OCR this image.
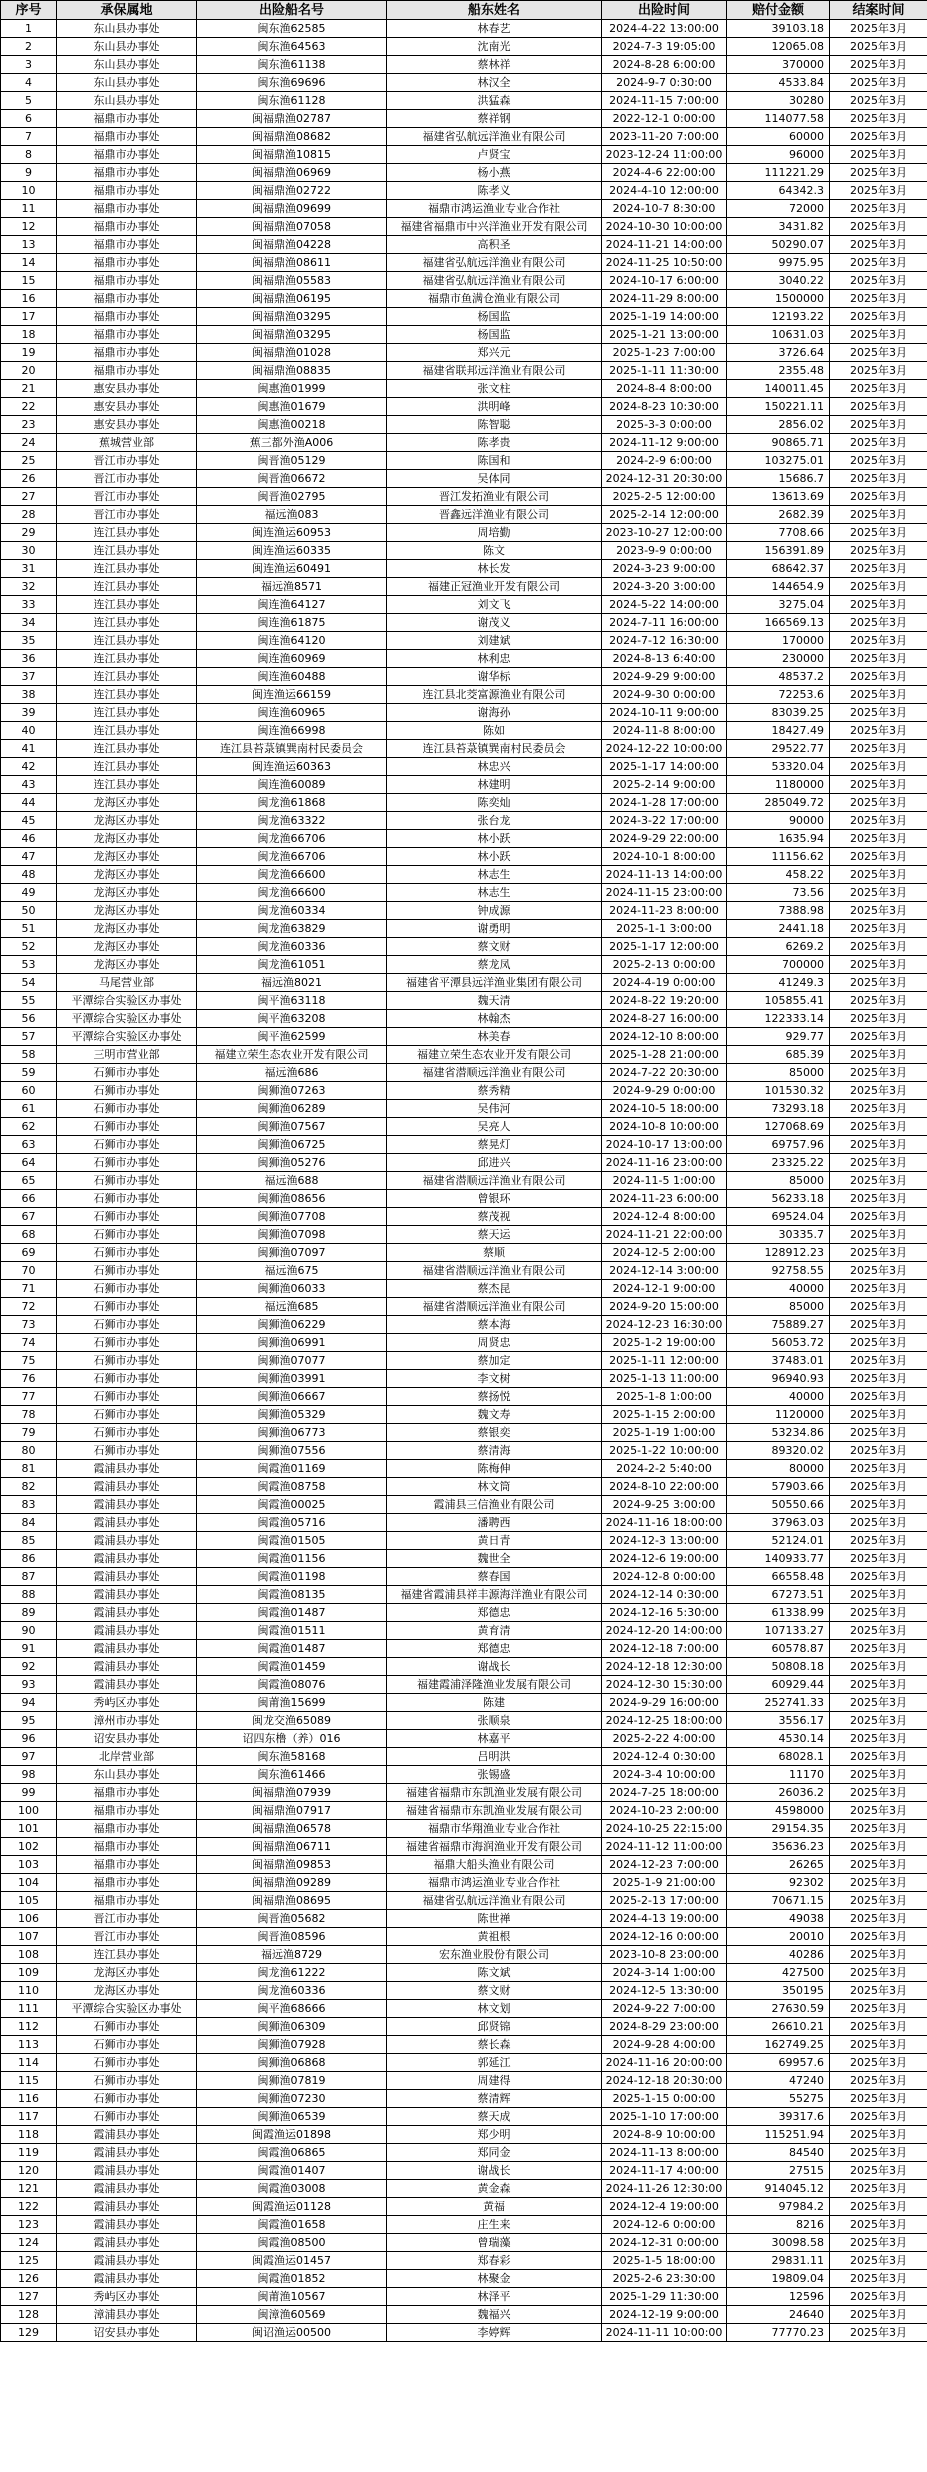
序号	承保属地	出险船名号	船东姓名	出险时间	赔付金额	结案时间
1	东山县办事处	闽东渔62585	林春艺	2024-4-22 13:00:00	39103.18	2025年3月
2	东山县办事处	闽东渔64563	沈南光	2024-7-3 19:05:00	12065.08	2025年3月
3	东山县办事处	闽东渔61138	蔡林祥	2024-8-28 6:00:00	370000	2025年3月
4	东山县办事处	闽东渔69696	林汉全	2024-9-7 0:30:00	4533.84	2025年3月
5	东山县办事处	闽东渔61128	洪猛森	2024-11-15 7:00:00	30280	2025年3月
6	福鼎市办事处	闽福鼎渔02787	蔡祥钢	2022-12-1 0:00:00	114077.58	2025年3月
7	福鼎市办事处	闽福鼎渔08682	福建省弘航远洋渔业有限公司	2023-11-20 7:00:00	60000	2025年3月
8	福鼎市办事处	闽福鼎渔10815	卢贤宝	2023-12-24 11:00:00	96000	2025年3月
9	福鼎市办事处	闽福鼎渔06969	杨小燕	2024-4-6 22:00:00	111221.29	2025年3月
10	福鼎市办事处	闽福鼎渔02722	陈孝义	2024-4-10 12:00:00	64342.3	2025年3月
11	福鼎市办事处	闽福鼎渔09699	福鼎市鸿运渔业专业合作社	2024-10-7 8:30:00	72000	2025年3月
12	福鼎市办事处	闽福鼎渔07058	福建省福鼎市中兴洋渔业开发有限公司	2024-10-30 10:00:00	3431.82	2025年3月
13	福鼎市办事处	闽福鼎渔04228	高积圣	2024-11-21 14:00:00	50290.07	2025年3月
14	福鼎市办事处	闽福鼎渔08611	福建省弘航远洋渔业有限公司	2024-11-25 10:50:00	9975.95	2025年3月
15	福鼎市办事处	闽福鼎渔05583	福建省弘航远洋渔业有限公司	2024-10-17 6:00:00	3040.22	2025年3月
16	福鼎市办事处	闽福鼎渔06195	福鼎市鱼满仓渔业有限公司	2024-11-29 8:00:00	1500000	2025年3月
17	福鼎市办事处	闽福鼎渔03295	杨国监	2025-1-19 14:00:00	12193.22	2025年3月
18	福鼎市办事处	闽福鼎渔03295	杨国监	2025-1-21 13:00:00	10631.03	2025年3月
19	福鼎市办事处	闽福鼎渔01028	郑兴元	2025-1-23 7:00:00	3726.64	2025年3月
20	福鼎市办事处	闽福鼎渔08835	福建省联邦远洋渔业有限公司	2025-1-11 11:30:00	2355.48	2025年3月
21	惠安县办事处	闽惠渔01999	张文柱	2024-8-4 8:00:00	140011.45	2025年3月
22	惠安县办事处	闽惠渔01679	洪明峰	2024-8-23 10:30:00	150221.11	2025年3月
23	惠安县办事处	闽惠渔00218	陈智聪	2025-3-3 0:00:00	2856.02	2025年3月
24	蕉城营业部	蕉三都外渔A006	陈孝贵	2024-11-12 9:00:00	90865.71	2025年3月
25	晋江市办事处	闽晋渔05129	陈国和	2024-2-9 6:00:00	103275.01	2025年3月
26	晋江市办事处	闽晋渔06672	吴体同	2024-12-31 20:30:00	15686.7	2025年3月
27	晋江市办事处	闽晋渔02795	晋江发拓渔业有限公司	2025-2-5 12:00:00	13613.69	2025年3月
28	晋江市办事处	福远渔083	晋鑫远洋渔业有限公司	2025-2-14 12:00:00	2682.39	2025年3月
29	连江县办事处	闽连渔运60953	周培勤	2023-10-27 12:00:00	7708.66	2025年3月
30	连江县办事处	闽连渔运60335	陈文	2023-9-9 0:00:00	156391.89	2025年3月
31	连江县办事处	闽连渔运60491	林长发	2024-3-23 9:00:00	68642.37	2025年3月
32	连江县办事处	福远渔8571	福建正冠渔业开发有限公司	2024-3-20 3:00:00	144654.9	2025年3月
33	连江县办事处	闽连渔64127	刘文飞	2024-5-22 14:00:00	3275.04	2025年3月
34	连江县办事处	闽连渔61875	谢茂义	2024-7-11 16:00:00	166569.13	2025年3月
35	连江县办事处	闽连渔64120	刘建斌	2024-7-12 16:30:00	170000	2025年3月
36	连江县办事处	闽连渔60969	林利忠	2024-8-13 6:40:00	230000	2025年3月
37	连江县办事处	闽连渔60488	谢华标	2024-9-29 9:00:00	48537.2	2025年3月
38	连江县办事处	闽连渔运66159	连江县北茭富源渔业有限公司	2024-9-30 0:00:00	72253.6	2025年3月
39	连江县办事处	闽连渔60965	谢海孙	2024-10-11 9:00:00	83039.25	2025年3月
40	连江县办事处	闽连渔66998	陈如	2024-11-8 8:00:00	18427.49	2025年3月
41	连江县办事处	连江县苔菉镇巽南村民委员会	连江县苔菉镇巽南村民委员会	2024-12-22 10:00:00	29522.77	2025年3月
42	连江县办事处	闽连渔运60363	林忠兴	2025-1-17 14:00:00	53320.04	2025年3月
43	连江县办事处	闽连渔60089	林建明	2025-2-14 9:00:00	1180000	2025年3月
44	龙海区办事处	闽龙渔61868	陈奕灿	2024-1-28 17:00:00	285049.72	2025年3月
45	龙海区办事处	闽龙渔63322	张台龙	2024-3-22 17:00:00	90000	2025年3月
46	龙海区办事处	闽龙渔66706	林小跃	2024-9-29 22:00:00	1635.94	2025年3月
47	龙海区办事处	闽龙渔66706	林小跃	2024-10-1 8:00:00	11156.62	2025年3月
48	龙海区办事处	闽龙渔66600	林志生	2024-11-13 14:00:00	458.22	2025年3月
49	龙海区办事处	闽龙渔66600	林志生	2024-11-15 23:00:00	73.56	2025年3月
50	龙海区办事处	闽龙渔60334	钟成源	2024-11-23 8:00:00	7388.98	2025年3月
51	龙海区办事处	闽龙渔63829	谢勇明	2025-1-1 3:00:00	2441.18	2025年3月
52	龙海区办事处	闽龙渔60336	蔡文财	2025-1-17 12:00:00	6269.2	2025年3月
53	龙海区办事处	闽龙渔61051	蔡龙凤	2025-2-13 0:00:00	700000	2025年3月
54	马尾营业部	福远渔8021	福建省平潭县远洋渔业集团有限公司	2024-4-19 0:00:00	41249.3	2025年3月
55	平潭综合实验区办事处	闽平渔63118	魏天清	2024-8-22 19:20:00	105855.41	2025年3月
56	平潭综合实验区办事处	闽平渔63208	林翰杰	2024-8-27 16:00:00	122333.14	2025年3月
57	平潭综合实验区办事处	闽平渔62599	林美春	2024-12-10 8:00:00	929.77	2025年3月
58	三明市营业部	福建立荣生态农业开发有限公司	福建立荣生态农业开发有限公司	2025-1-28 21:00:00	685.39	2025年3月
59	石狮市办事处	福远渔686	福建省潜顺远洋渔业有限公司	2024-7-22 20:30:00	85000	2025年3月
60	石狮市办事处	闽狮渔07263	蔡秀精	2024-9-29 0:00:00	101530.32	2025年3月
61	石狮市办事处	闽狮渔06289	吴伟河	2024-10-5 18:00:00	73293.18	2025年3月
62	石狮市办事处	闽狮渔07567	吴亮人	2024-10-8 10:00:00	127068.69	2025年3月
63	石狮市办事处	闽狮渔06725	蔡晃灯	2024-10-17 13:00:00	69757.96	2025年3月
64	石狮市办事处	闽狮渔05276	邱进兴	2024-11-16 23:00:00	23325.22	2025年3月
65	石狮市办事处	福远渔688	福建省潜顺远洋渔业有限公司	2024-11-5 1:00:00	85000	2025年3月
66	石狮市办事处	闽狮渔08656	曾银环	2024-11-23 6:00:00	56233.18	2025年3月
67	石狮市办事处	闽狮渔07708	蔡茂视	2024-12-4 8:00:00	69524.04	2025年3月
68	石狮市办事处	闽狮渔07098	蔡天运	2024-11-21 22:00:00	30335.7	2025年3月
69	石狮市办事处	闽狮渔07097	蔡顺	2024-12-5 2:00:00	128912.23	2025年3月
70	石狮市办事处	福远渔675	福建省潜顺远洋渔业有限公司	2024-12-14 3:00:00	92758.55	2025年3月
71	石狮市办事处	闽狮渔06033	蔡杰昆	2024-12-1 9:00:00	40000	2025年3月
72	石狮市办事处	福远渔685	福建省潜顺远洋渔业有限公司	2024-9-20 15:00:00	85000	2025年3月
73	石狮市办事处	闽狮渔06229	蔡本海	2024-12-23 16:30:00	75889.27	2025年3月
74	石狮市办事处	闽狮渔06991	周贤忠	2025-1-2 19:00:00	56053.72	2025年3月
75	石狮市办事处	闽狮渔07077	蔡加定	2025-1-11 12:00:00	37483.01	2025年3月
76	石狮市办事处	闽狮渔03991	李文树	2025-1-13 11:00:00	96940.93	2025年3月
77	石狮市办事处	闽狮渔06667	蔡扬悦	2025-1-8 1:00:00	40000	2025年3月
78	石狮市办事处	闽狮渔05329	魏文寿	2025-1-15 2:00:00	1120000	2025年3月
79	石狮市办事处	闽狮渔06773	蔡银奕	2025-1-19 1:00:00	53234.86	2025年3月
80	石狮市办事处	闽狮渔07556	蔡清海	2025-1-22 10:00:00	89320.02	2025年3月
81	霞浦县办事处	闽霞渔01169	陈梅伸	2024-2-2 5:40:00	80000	2025年3月
82	霞浦县办事处	闽霞渔08758	林文筒	2024-8-10 22:00:00	57903.66	2025年3月
83	霞浦县办事处	闽霞渔00025	霞浦县三信渔业有限公司	2024-9-25 3:00:00	50550.66	2025年3月
84	霞浦县办事处	闽霞渔05716	潘聘西	2024-11-16 18:00:00	37963.03	2025年3月
85	霞浦县办事处	闽霞渔01505	黄日青	2024-12-3 13:00:00	52124.01	2025年3月
86	霞浦县办事处	闽霞渔01156	魏世全	2024-12-6 19:00:00	140933.77	2025年3月
87	霞浦县办事处	闽霞渔01198	蔡春国	2024-12-8 0:00:00	66558.48	2025年3月
88	霞浦县办事处	闽霞渔08135	福建省霞浦县祥丰源海洋渔业有限公司	2024-12-14 0:30:00	67273.51	2025年3月
89	霞浦县办事处	闽霞渔01487	郑德忠	2024-12-16 5:30:00	61338.99	2025年3月
90	霞浦县办事处	闽霞渔01511	黄育清	2024-12-20 14:00:00	107133.27	2025年3月
91	霞浦县办事处	闽霞渔01487	郑德忠	2024-12-18 7:00:00	60578.87	2025年3月
92	霞浦县办事处	闽霞渔01459	谢战长	2024-12-18 12:30:00	50808.18	2025年3月
93	霞浦县办事处	闽霞渔08076	福建霞浦泽隆渔业发展有限公司	2024-12-30 15:30:00	60929.44	2025年3月
94	秀屿区办事处	闽莆渔15699	陈建	2024-9-29 16:00:00	252741.33	2025年3月
95	漳州市办事处	闽龙交渔65089	张顺泉	2024-12-25 18:00:00	3556.17	2025年3月
96	诏安县办事处	诏四东橹（养）016	林嘉平	2025-2-22 4:00:00	4530.14	2025年3月
97	北岸营业部	闽东渔58168	吕明洪	2024-12-4 0:30:00	68028.1	2025年3月
98	东山县办事处	闽东渔61466	张锡盛	2024-3-4 10:00:00	11170	2025年3月
99	福鼎市办事处	闽福鼎渔07939	福建省福鼎市东凯渔业发展有限公司	2024-7-25 18:00:00	26036.2	2025年3月
100	福鼎市办事处	闽福鼎渔07917	福建省福鼎市东凯渔业发展有限公司	2024-10-23 2:00:00	4598000	2025年3月
101	福鼎市办事处	闽福鼎渔06578	福鼎市华翔渔业专业合作社	2024-10-25 22:15:00	29154.35	2025年3月
102	福鼎市办事处	闽福鼎渔06711	福建省福鼎市海润渔业开发有限公司	2024-11-12 11:00:00	35636.23	2025年3月
103	福鼎市办事处	闽福鼎渔09853	福鼎大船头渔业有限公司	2024-12-23 7:00:00	26265	2025年3月
104	福鼎市办事处	闽福鼎渔09289	福鼎市鸿运渔业专业合作社	2025-1-9 21:00:00	92302	2025年3月
105	福鼎市办事处	闽福鼎渔08695	福建省弘航远洋渔业有限公司	2025-2-13 17:00:00	70671.15	2025年3月
106	晋江市办事处	闽晋渔05682	陈世禅	2024-4-13 19:00:00	49038	2025年3月
107	晋江市办事处	闽晋渔08596	黄祖根	2024-12-16 0:00:00	20010	2025年3月
108	连江县办事处	福远渔8729	宏东渔业股份有限公司	2023-10-8 23:00:00	40286	2025年3月
109	龙海区办事处	闽龙渔61222	陈文斌	2024-3-14 1:00:00	427500	2025年3月
110	龙海区办事处	闽龙渔60336	蔡文财	2024-12-5 13:30:00	350195	2025年3月
111	平潭综合实验区办事处	闽平渔68666	林文划	2024-9-22 7:00:00	27630.59	2025年3月
112	石狮市办事处	闽狮渔06309	邱贤锦	2024-8-29 23:00:00	26610.21	2025年3月
113	石狮市办事处	闽狮渔07928	蔡长森	2024-9-28 4:00:00	162749.25	2025年3月
114	石狮市办事处	闽狮渔06868	郭延江	2024-11-16 20:00:00	69957.6	2025年3月
115	石狮市办事处	闽狮渔07819	周建得	2024-12-18 20:30:00	47240	2025年3月
116	石狮市办事处	闽狮渔07230	蔡清辉	2025-1-15 0:00:00	55275	2025年3月
117	石狮市办事处	闽狮渔06539	蔡天成	2025-1-10 17:00:00	39317.6	2025年3月
118	霞浦县办事处	闽霞渔运01898	郑少明	2024-8-9 10:00:00	115251.94	2025年3月
119	霞浦县办事处	闽霞渔06865	郑同金	2024-11-13 8:00:00	84540	2025年3月
120	霞浦县办事处	闽霞渔01407	谢战长	2024-11-17 4:00:00	27515	2025年3月
121	霞浦县办事处	闽霞渔03008	黄金森	2024-11-26 12:30:00	914045.12	2025年3月
122	霞浦县办事处	闽霞渔运01128	黄福	2024-12-4 19:00:00	97984.2	2025年3月
123	霞浦县办事处	闽霞渔01658	庄生来	2024-12-6 0:00:00	8216	2025年3月
124	霞浦县办事处	闽霞渔08500	曾瑞藻	2024-12-31 0:00:00	30098.58	2025年3月
125	霞浦县办事处	闽霞渔运01457	郑春彩	2025-1-5 18:00:00	29831.11	2025年3月
126	霞浦县办事处	闽霞渔01852	林聚金	2025-2-6 23:30:00	19809.04	2025年3月
127	秀屿区办事处	闽莆渔10567	林泽平	2025-1-29 11:30:00	12596	2025年3月
128	漳浦县办事处	闽漳渔60569	魏福兴	2024-12-19 9:00:00	24640	2025年3月
129	诏安县办事处	闽诏渔运00500	李婷辉	2024-11-11 10:00:00	77770.23	2025年3月
